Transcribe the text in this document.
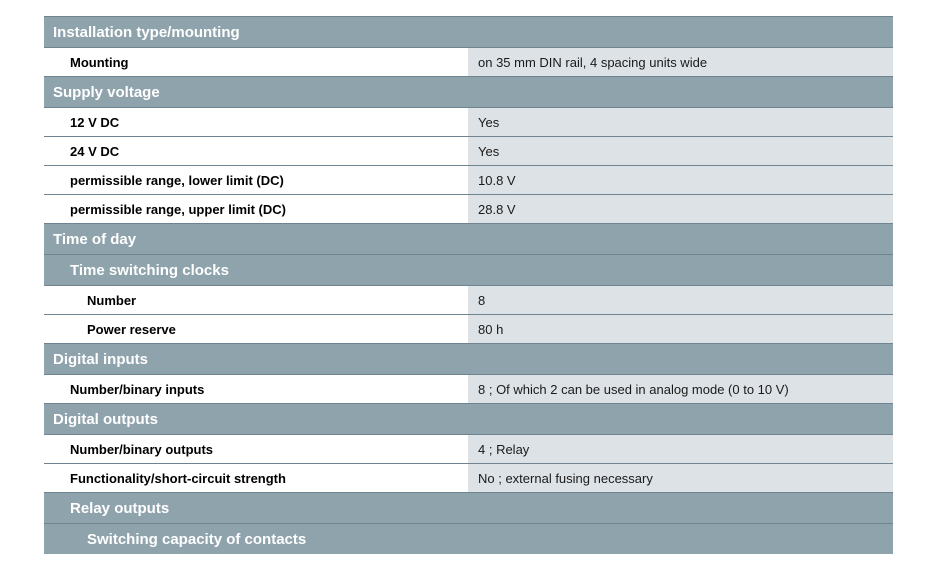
Installation type/mounting
Mounting	on 35 mm DIN rail, 4 spacing units wide
Supply voltage
12 V DC	Yes
24 V DC	Yes
permissible range, lower limit (DC)	10.8 V
permissible range, upper limit (DC)	28.8 V
Time of day
Time switching clocks
Number	8
Power reserve	80 h
Digital inputs
Number/binary inputs	8 ; Of which 2 can be used in analog mode (0 to 10 V)
Digital outputs
Number/binary outputs	4 ; Relay
Functionality/short-circuit strength	No ; external fusing necessary
Relay outputs
Switching capacity of contacts
